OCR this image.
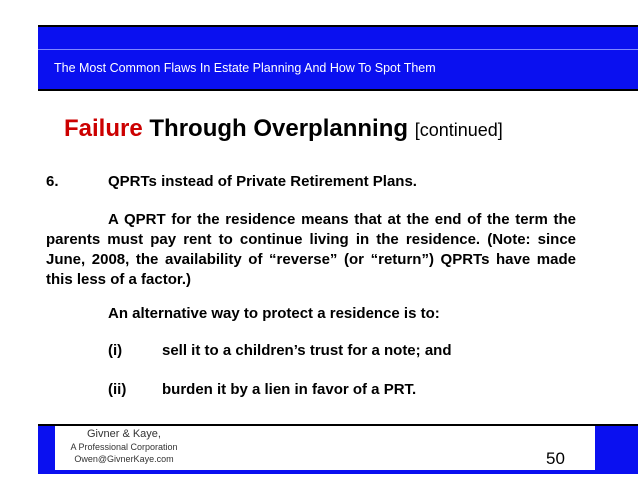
The Most Common Flaws In Estate Planning And How To Spot Them
Failure Through Overplanning [continued]
6.	QPRTs instead of Private Retirement Plans.
A QPRT for the residence means that at the end of the term the parents must pay rent to continue living in the residence. (Note: since June, 2008, the availability of “reverse” (or “return”) QPRTs have made this less of a factor.)
An alternative way to protect a residence is to:
(i)	sell it to a children’s trust for a note; and
(ii) burden it by a lien in favor of a PRT.
Givner & Kaye,
A Professional Corporation
Owen@GivnerKaye.com	50
